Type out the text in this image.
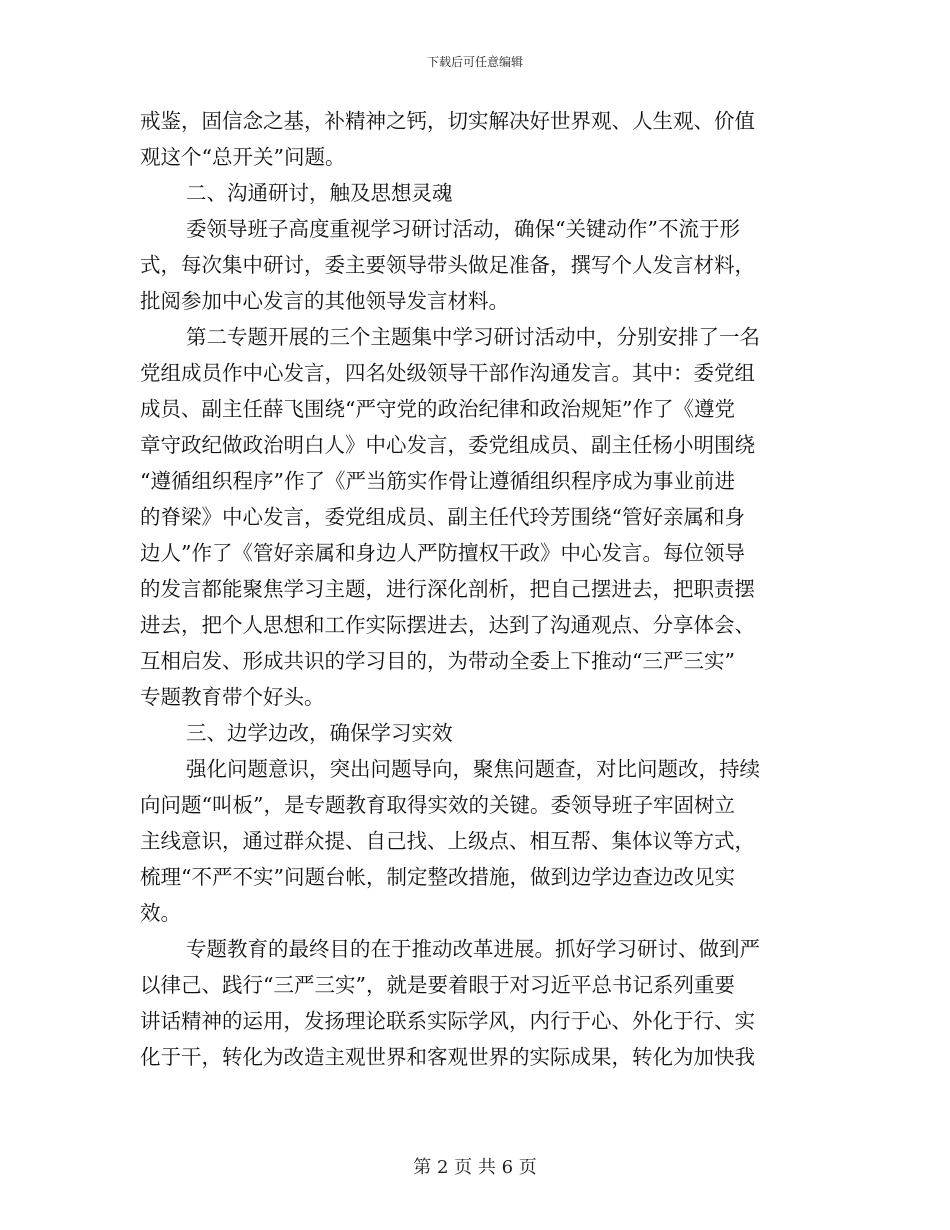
下载后可任意编辑
戒鉴，固信念之基，补精神之钙，切实解决好世界观、人生观、价值
观这个“总开关”问题。
二、沟通研讨，触及思想灵魂
委领导班子高度重视学习研讨活动，确保“关键动作”不流于形
式，每次集中研讨，委主要领导带头做足准备，撰写个人发言材料，
批阅参加中心发言的其他领导发言材料。
第二专题开展的三个主题集中学习研讨活动中，分别安排了一名
党组成员作中心发言，四名处级领导干部作沟通发言。其中：委党组
成员、副主任薛飞围绕“严守党的政治纪律和政治规矩”作了《遵党
章守政纪做政治明白人》中心发言，委党组成员、副主任杨小明围绕
“遵循组织程序”作了《严当筋实作骨让遵循组织程序成为事业前进
的脊梁》中心发言，委党组成员、副主任代玲芳围绕“管好亲属和身
边人”作了《管好亲属和身边人严防擅权干政》中心发言。每位领导
的发言都能聚焦学习主题，进行深化剖析，把自己摆进去，把职责摆
进去，把个人思想和工作实际摆进去，达到了沟通观点、分享体会、
互相启发、形成共识的学习目的，为带动全委上下推动“三严三实”
专题教育带个好头。
三、边学边改，确保学习实效
强化问题意识，突出问题导向，聚焦问题查，对比问题改，持续
向问题“叫板”，是专题教育取得实效的关键。委领导班子牢固树立
主线意识，通过群众提、自己找、上级点、相互帮、集体议等方式，
梳理“不严不实”问题台帐，制定整改措施，做到边学边查边改见实
效。
专题教育的最终目的在于推动改革进展。抓好学习研讨、做到严
以律己、践行“三严三实”，就是要着眼于对习近平总书记系列重要
讲话精神的运用，发扬理论联系实际学风，内行于心、外化于行、实
化于干，转化为改造主观世界和客观世界的实际成果，转化为加快我
第 2 页 共 6 页
